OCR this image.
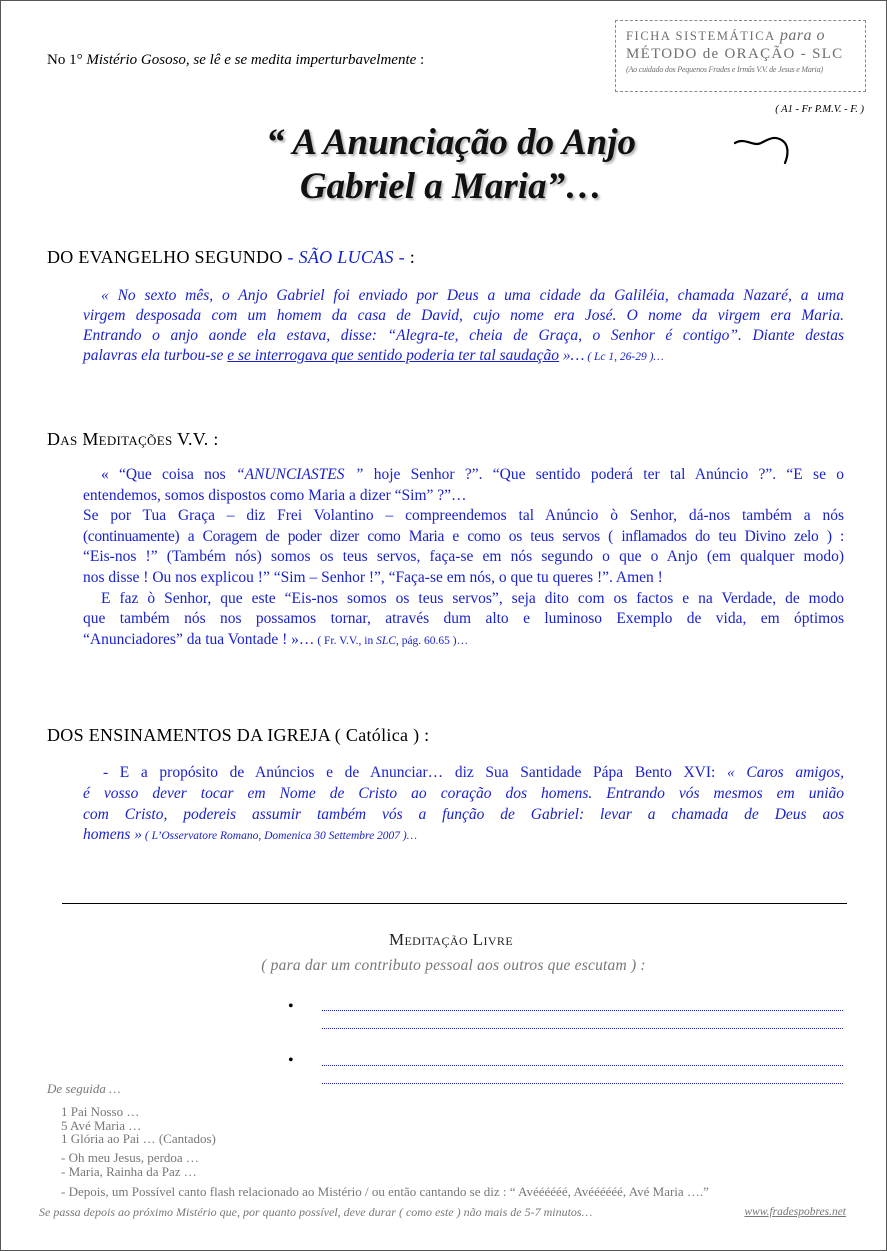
No 1° Mistério Gososo, se lê e se medita imperturbavelmente :
FICHA SISTEMÁTICA para o
MÉTODO de ORAÇÃO - SLC
(Ao cuidado dos Pequenos Frades e Irmãs V.V. de Jesus e Maria)
( A1 - Fr P.M.V. - F. )
“ A Anunciação do Anjo
Gabriel a Maria”…
DO EVANGELHO SEGUNDO - SÃO LUCAS - :
« No sexto mês, o Anjo Gabriel foi enviado por Deus a uma cidade da Galiléia, chamada Nazaré, a uma
virgem desposada com um homem da casa de David, cujo nome era José. O nome da virgem era Maria.
Entrando o anjo aonde ela estava, disse: “Alegra-te, cheia de Graça, o Senhor é contigo”. Diante destas
palavras ela turbou-se e se interrogava que sentido poderia ter tal saudação »… ( Lc 1, 26-29 )…
Das Meditações V.V. :
« “Que coisa nos “ANUNCIASTES ” hoje Senhor ?”. “Que sentido poderá ter tal Anúncio ?”. “E se o
entendemos, somos dispostos como Maria a dizer “Sim” ?”…
Se por Tua Graça – diz Frei Volantino – compreendemos tal Anúncio ò Senhor, dá-nos também a nós
(continuamente) a Coragem de poder dizer como Maria e como os teus servos ( inflamados do teu Divino zelo ) :
“Eis-nos !” (Também nós) somos os teus servos, faça-se em nós segundo o que o Anjo (em qualquer modo)
nos disse ! Ou nos explicou !” “Sim – Senhor !”, “Faça-se em nós, o que tu queres !”. Amen !
E faz ò Senhor, que este “Eis-nos somos os teus servos”, seja dito com os factos e na Verdade, de modo
que também nós nos possamos tornar, através dum alto e luminoso Exemplo de vida, em óptimos
“Anunciadores” da tua Vontade ! »… ( Fr. V.V., in SLC, pág. 60.65 )…
DOS ENSINAMENTOS DA IGREJA ( Católica ) :
- E a propósito de Anúncios e de Anunciar… diz Sua Santidade Pápa Bento XVI: « Caros amigos,
é vosso dever tocar em Nome de Cristo ao coração dos homens. Entrando vós mesmos em união
com Cristo, podereis assumir também vós a função de Gabriel: levar a chamada de Deus aos
homens » ( L’Osservatore Romano, Domenica 30 Settembre 2007 )…
Meditação Livre
( para dar um contributo pessoal aos outros que escutam ) :
•
•
De seguida …
1 Pai Nosso …
5 Avé Maria …
1 Glória ao Pai … (Cantados)
- Oh meu Jesus, perdoa …
- Maria, Rainha da Paz …
- Depois, um Possível canto flash relacionado ao Mistério / ou então cantando se diz : “ Avéééééé, Avéééééé, Avé Maria ….”
Se passa depois ao próximo Mistério que, por quanto possível, deve durar ( como este ) não mais de 5-7 minutos…	www.fradespobres.net
